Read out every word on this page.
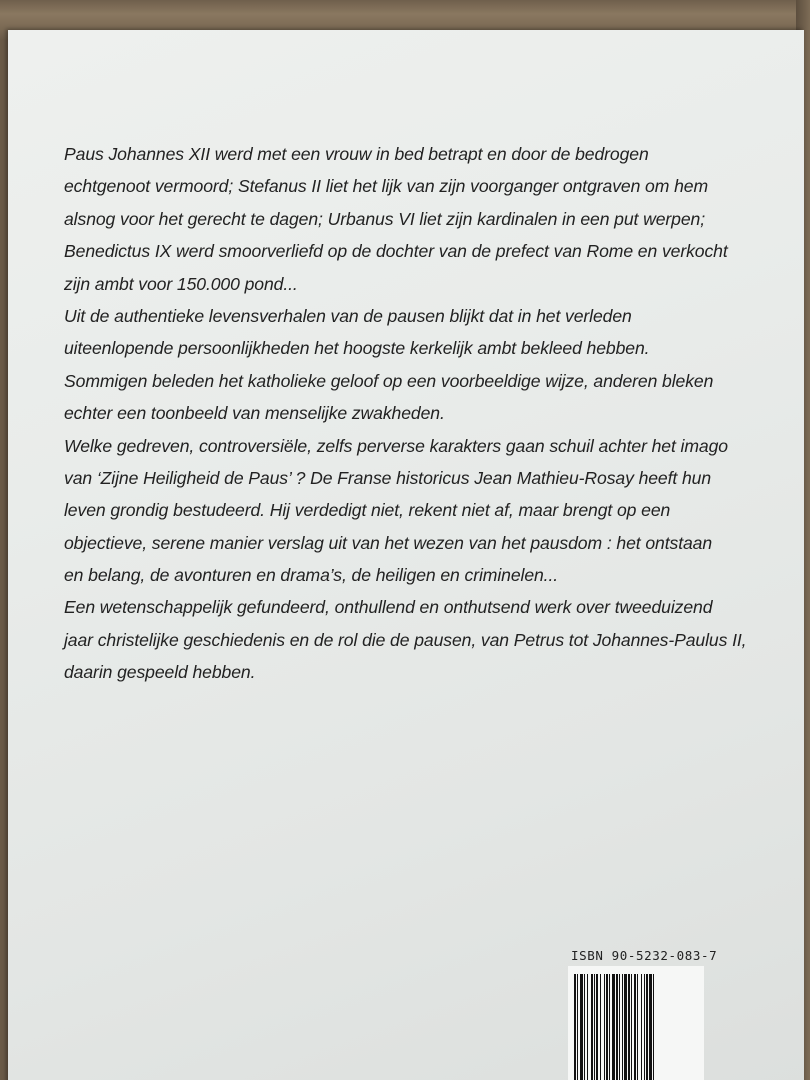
Paus Johannes XII werd met een vrouw in bed betrapt en door de bedrogen
echtgenoot vermoord; Stefanus II liet het lijk van zijn voorganger ontgraven om hem
alsnog voor het gerecht te dagen; Urbanus VI liet zijn kardinalen in een put werpen;
Benedictus IX werd smoorverliefd op de dochter van de prefect van Rome en verkocht
zijn ambt voor 150.000 pond...
Uit de authentieke levensverhalen van de pausen blijkt dat in het verleden
uiteenlopende persoonlijkheden het hoogste kerkelijk ambt bekleed hebben.
Sommigen beleden het katholieke geloof op een voorbeeldige wijze, anderen bleken
echter een toonbeeld van menselijke zwakheden.
Welke gedreven, controversiële, zelfs perverse karakters gaan schuil achter het imago
van ‘Zijne Heiligheid de Paus’ ? De Franse historicus Jean Mathieu-Rosay heeft hun
leven grondig bestudeerd. Hij verdedigt niet, rekent niet af, maar brengt op een
objectieve, serene manier verslag uit van het wezen van het pausdom : het ontstaan
en belang, de avonturen en drama’s, de heiligen en criminelen...
Een wetenschappelijk gefundeerd, onthullend en onthutsend werk over tweeduizend
jaar christelijke geschiedenis en de rol die de pausen, van Petrus tot Johannes-Paulus II,
daarin gespeeld hebben.
ISBN 90-5232-083-7
